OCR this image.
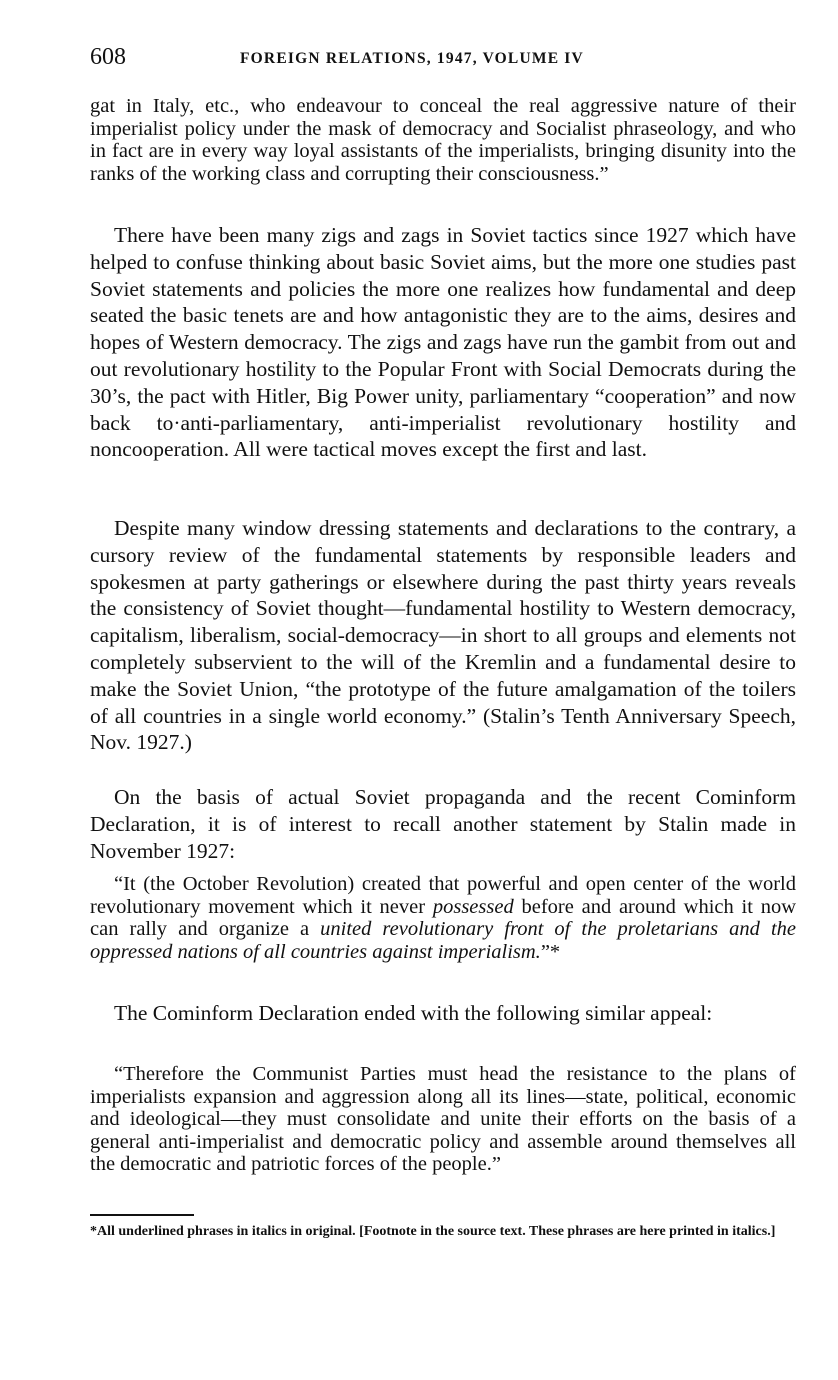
608	FOREIGN RELATIONS, 1947, VOLUME IV

gat in Italy, etc., who endeavour to conceal the real aggressive nature of their imperialist policy under the mask of democracy and Socialist phraseology, and who in fact are in every way loyal assistants of the imperialists, bringing disunity into the ranks of the working class and corrupting their consciousness.”

There have been many zigs and zags in Soviet tactics since 1927 which have helped to confuse thinking about basic Soviet aims, but the more one studies past Soviet statements and policies the more one realizes how fundamental and deep seated the basic tenets are and how antagonistic they are to the aims, desires and hopes of Western democracy. The zigs and zags have run the gambit from out and out revolutionary hostility to the Popular Front with Social Democrats during the 30’s, the pact with Hitler, Big Power unity, parliamentary “cooperation” and now back to·anti-parliamentary, anti-imperialist revolutionary hostility and noncooperation. All were tactical moves except the first and last.

Despite many window dressing statements and declarations to the contrary, a cursory review of the fundamental statements by responsible leaders and spokesmen at party gatherings or elsewhere during the past thirty years reveals the consistency of Soviet thought—fundamental hostility to Western democracy, capitalism, liberalism, social-democracy—in short to all groups and elements not completely subservient to the will of the Kremlin and a fundamental desire to make the Soviet Union, “the prototype of the future amalgamation of the toilers of all countries in a single world economy.” (Stalin’s Tenth Anniversary Speech, Nov. 1927.)

On the basis of actual Soviet propaganda and the recent Cominform Declaration, it is of interest to recall another statement by Stalin made in November 1927:

“It (the October Revolution) created that powerful and open center of the world revolutionary movement which it never possessed before and around which it now can rally and organize a united revolutionary front of the proletarians and the oppressed nations of all countries against imperialism.”*

The Cominform Declaration ended with the following similar appeal:

“Therefore the Communist Parties must head the resistance to the plans of imperialists expansion and aggression along all its lines—state, political, economic and ideological—they must consolidate and unite their efforts on the basis of a general anti-imperialist and democratic policy and assemble around themselves all the democratic and patriotic forces of the people.”

*All underlined phrases in italics in original. [Footnote in the source text. These phrases are here printed in italics.]
